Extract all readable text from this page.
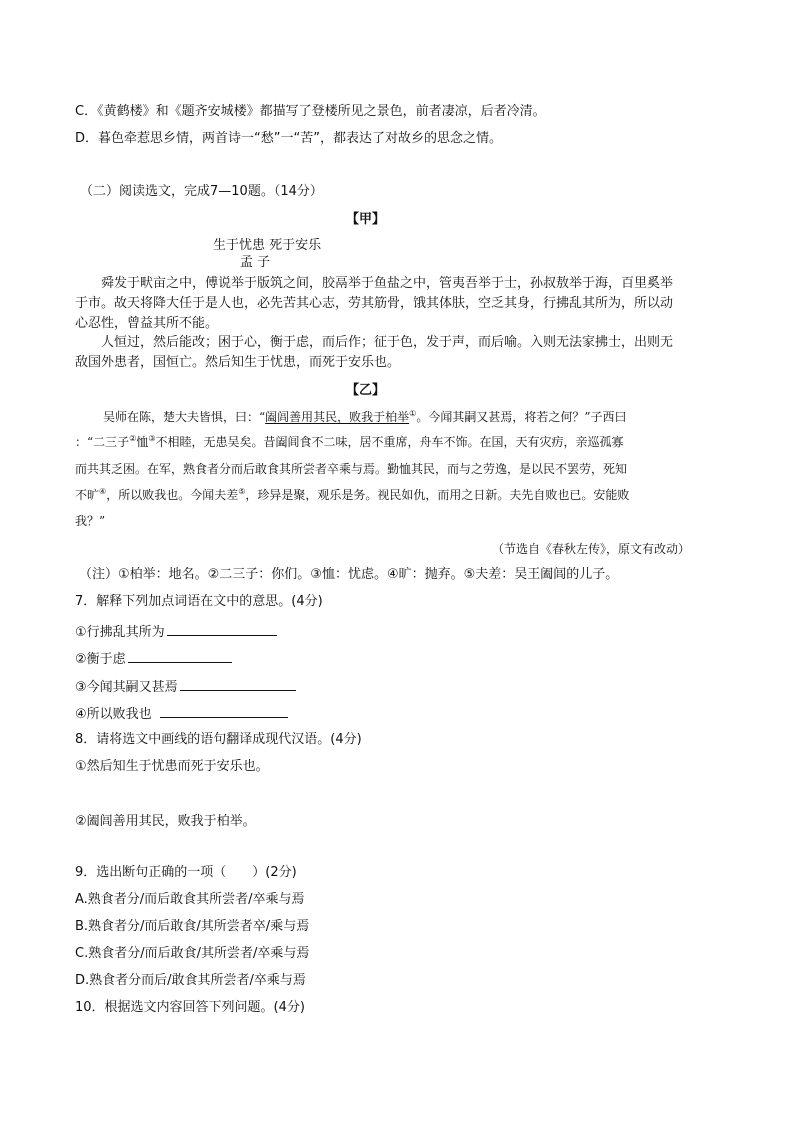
C．《黄鹤楼》和《题齐安城楼》都描写了登楼所见之景色，前者凄凉，后者冷清。
D．暮色牵惹思乡情，两首诗一“愁”一“苦”，都表达了对故乡的思念之情。
（二）阅读选文，完成7—10题。（14分）
【甲】
生于忧患 死于安乐
孟 子
舜发于畎亩之中，傅说举于版筑之间，胶鬲举于鱼盐之中，管夷吾举于士，孙叔敖举于海，百里奚举
于市。故天将降大任于是人也，必先苦其心志，劳其筋骨，饿其体肤，空乏其身，行拂乱其所为，所以动
心忍性，曾益其所不能。
人恒过，然后能改；困于心，衡于虑，而后作；征于色，发于声，而后喻。入则无法家拂士，出则无
敌国外患者，国恒亡。然后知生于忧患，而死于安乐也。
【乙】
吴师在陈，楚大夫皆惧，曰：“阖闾善用其民，败我于柏举①。今闻其嗣又甚焉，将若之何？”子西曰
：“二三子②恤③不相睦，无患吴矣。昔阖闾食不二味，居不重席，舟车不饰。在国，天有灾疠，亲巡孤寡
而共其乏困。在军，熟食者分而后敢食其所尝者卒乘与焉。勤恤其民，而与之劳逸，是以民不罢劳，死知
不旷④，所以败我也。今闻夫差⑤，珍异是聚，观乐是务。视民如仇，而用之日新。夫先自败也已。安能败
我？”
（节选自《春秋左传》，原文有改动）
（注）①柏举：地名。②二三子：你们。③恤：忧虑。④旷：抛弃。⑤夫差：吴王阖闾的儿子。
7．解释下列加点词语在文中的意思。(4分)
①行拂乱其所为
②衡于虑
③今闻其嗣又甚焉
④所以败我也
8．请将选文中画线的语句翻译成现代汉语。(4分)
①然后知生于忧患而死于安乐也。
②阖闾善用其民，败我于柏举。
9．选出断句正确的一项（　　）(2分)
A.熟食者分/而后敢食其所尝者/卒乘与焉
B.熟食者分/而后敢食/其所尝者卒/乘与焉
C.熟食者分/而后敢食/其所尝者/卒乘与焉
D.熟食者分而后/敢食其所尝者/卒乘与焉
10．根据选文内容回答下列问题。(4分)
